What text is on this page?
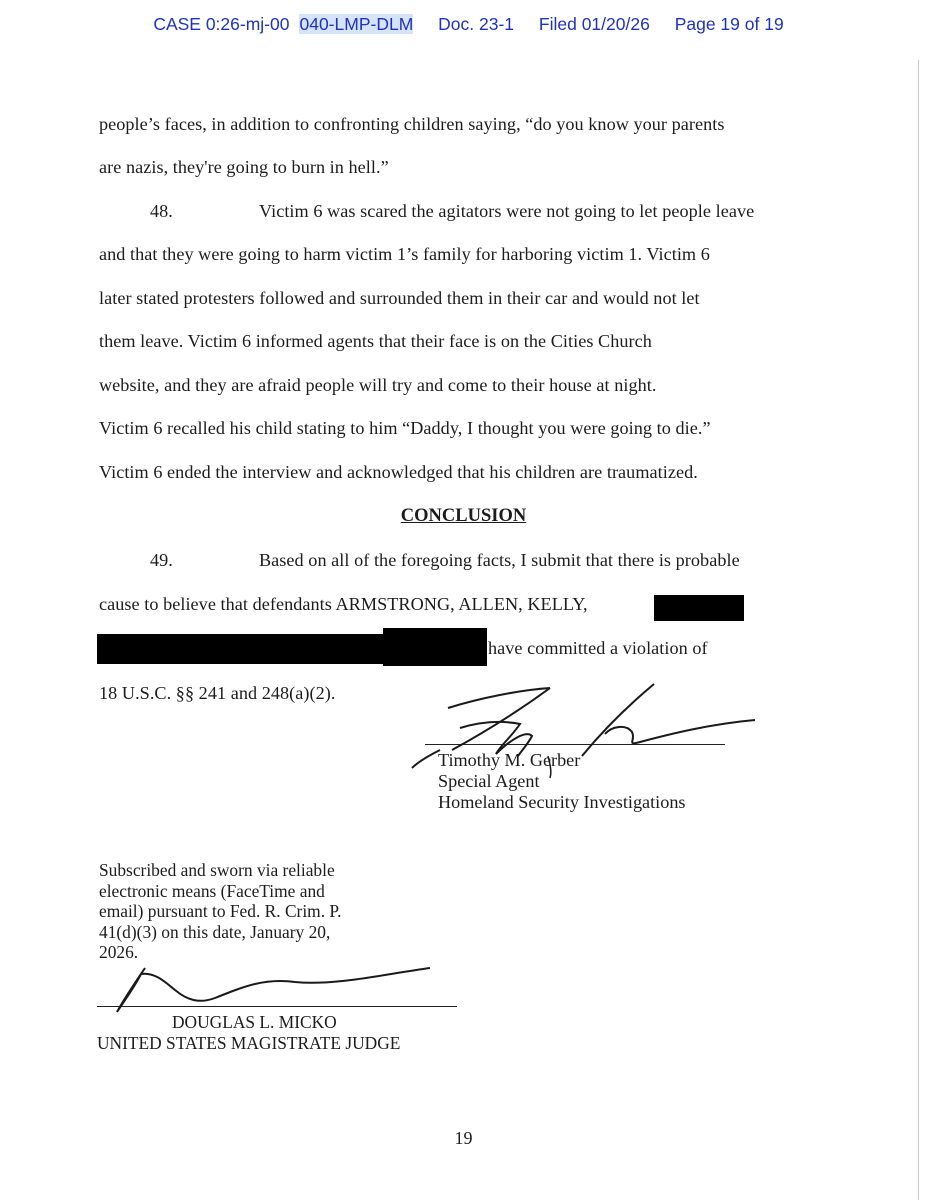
CASE 0:26-mj-00 040-LMP-DLM Doc. 23-1 Filed 01/20/26 Page 19 of 19
people’s faces, in addition to confronting children saying, “do you know your parents
are nazis, they're going to burn in hell.”
48.	Victim 6 was scared the agitators were not going to let people leave
and that they were going to harm victim 1’s family for harboring victim 1. Victim 6
later stated protesters followed and surrounded them in their car and would not let
them leave. Victim 6 informed agents that their face is on the Cities Church
website, and they are afraid people will try and come to their house at night.
Victim 6 recalled his child stating to him “Daddy, I thought you were going to die.”
Victim 6 ended the interview and acknowledged that his children are traumatized.
CONCLUSION
49.	Based on all of the foregoing facts, I submit that there is probable
cause to believe that defendants ARMSTRONG, ALLEN, KELLY,
have committed a violation of
18 U.S.C. §§ 241 and 248(a)(2).
Timothy M. Gerber
Special Agent
Homeland Security Investigations
Subscribed and sworn via reliable
electronic means (FaceTime and
email) pursuant to Fed. R. Crim. P.
41(d)(3) on this date, January 20,
2026.
DOUGLAS L. MICKO
UNITED STATES MAGISTRATE JUDGE
19
